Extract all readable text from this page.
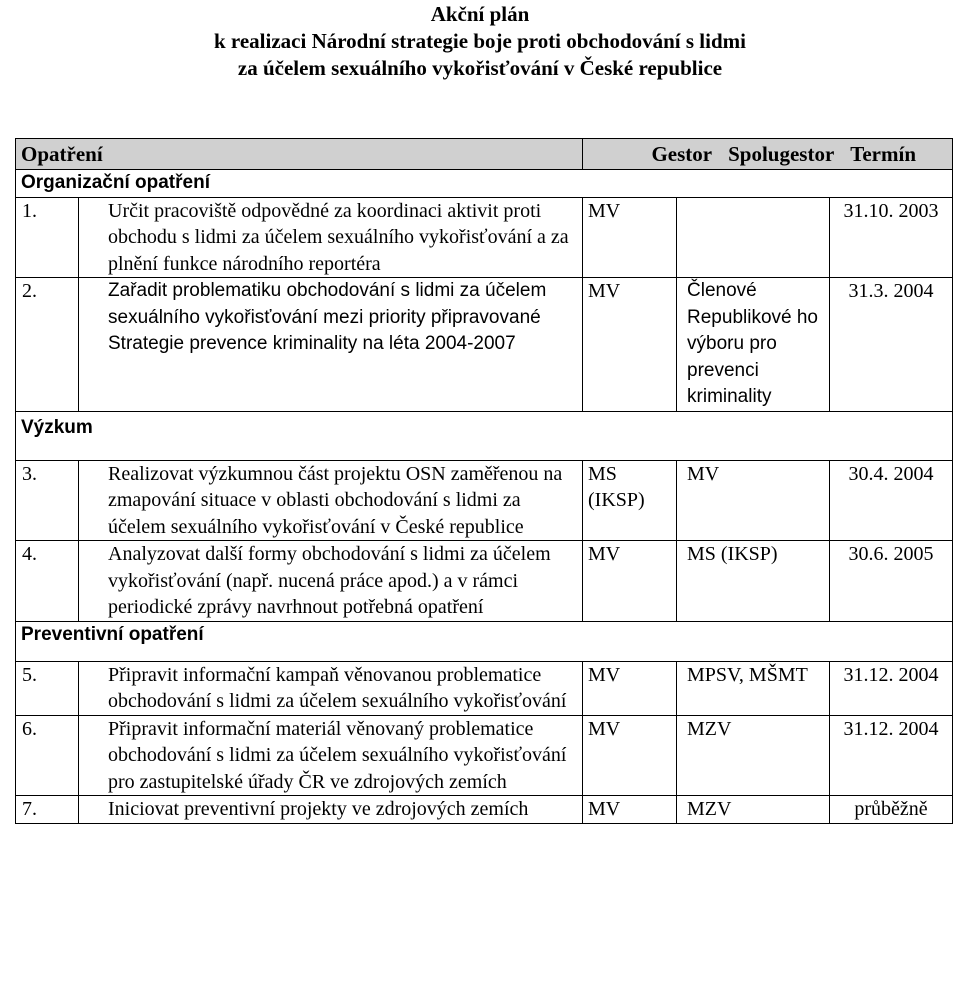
Akční plán
k realizaci Národní strategie boje proti obchodování s lidmi
za účelem sexuálního vykořisťování v České republice
Opatření		Gestor Spolugestor Termín		
Organizační opatření				
1.	Určit pracoviště odpovědné za koordinaci aktivit proti obchodu s lidmi za účelem sexuálního vykořisťování a za plnění funkce národního reportéra	MV		31.10. 2003
2.	Zařadit problematiku obchodování s lidmi za účelem sexuálního vykořisťování mezi priority připravované Strategie prevence kriminality na léta 2004-2007	MV	Členové Republikové ho výboru pro prevenci kriminality	31.3. 2004
Výzkum				
3.	Realizovat výzkumnou část projektu OSN zaměřenou na zmapování situace v oblasti obchodování s lidmi za účelem sexuálního vykořisťování v České republice	MS (IKSP)	MV	30.4. 2004
4.	Analyzovat další formy obchodování s lidmi za účelem vykořisťování (např. nucená práce apod.) a v rámci periodické zprávy navrhnout potřebná opatření	MV	MS (IKSP)	30.6. 2005
Preventivní opatření				
5.	Připravit informační kampaň věnovanou problematice obchodování s lidmi za účelem sexuálního vykořisťování	MV	MPSV, MŠMT	31.12. 2004
6.	Připravit informační materiál věnovaný problematice obchodování s lidmi za účelem sexuálního vykořisťování pro zastupitelské úřady ČR ve zdrojových zemích	MV	MZV	31.12. 2004
7.	Iniciovat preventivní projekty ve zdrojových zemích	MV	MZV	průběžně
